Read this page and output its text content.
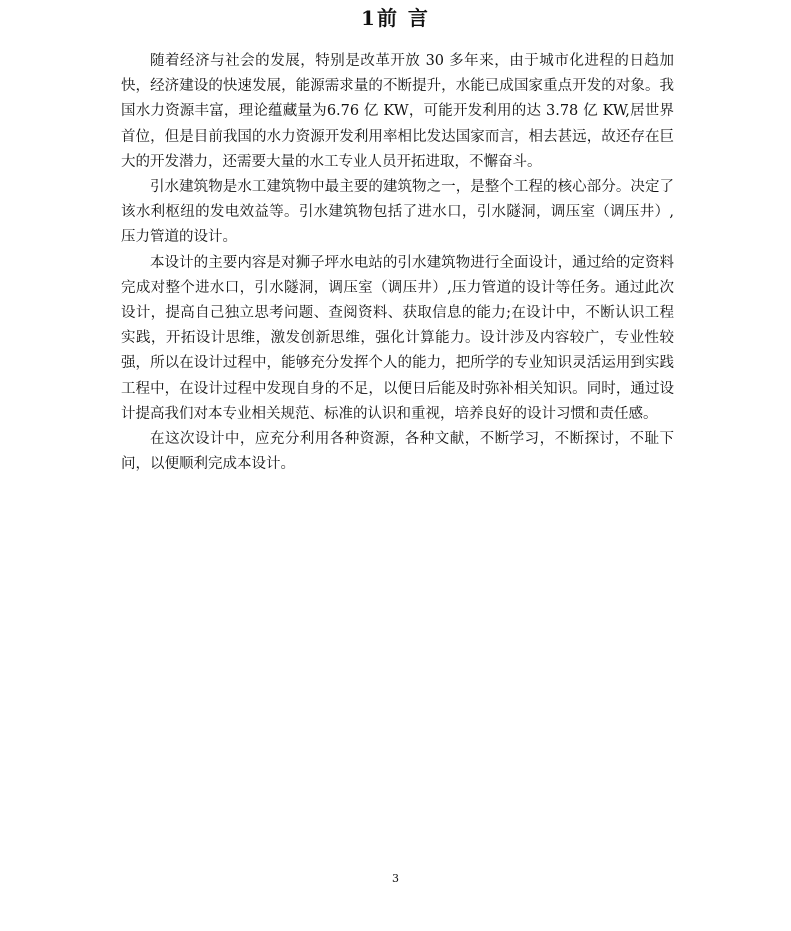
1前 言

随着经济与社会的发展，特别是改革开放 30 多年来，由于城市化进程的日趋加快，经济建设的快速发展，能源需求量的不断提升，水能已成国家重点开发的对象。我国水力资源丰富，理论蕴藏量为6.76 亿 KW，可能开发利用的达 3.78 亿 KW,居世界首位，但是目前我国的水力资源开发利用率相比发达国家而言，相去甚远，故还存在巨大的开发潜力，还需要大量的水工专业人员开拓进取，不懈奋斗。

引水建筑物是水工建筑物中最主要的建筑物之一，是整个工程的核心部分。决定了该水利枢纽的发电效益等。引水建筑物包括了进水口，引水隧洞，调压室（调压井）,压力管道的设计。

本设计的主要内容是对狮子坪水电站的引水建筑物进行全面设计，通过给的定资料完成对整个进水口，引水隧洞，调压室（调压井）,压力管道的设计等任务。通过此次设计，提高自己独立思考问题、查阅资料、获取信息的能力;在设计中，不断认识工程实践，开拓设计思维，激发创新思维，强化计算能力。设计涉及内容较广，专业性较强，所以在设计过程中，能够充分发挥个人的能力，把所学的专业知识灵活运用到实践工程中，在设计过程中发现自身的不足，以便日后能及时弥补相关知识。同时，通过设计提高我们对本专业相关规范、标准的认识和重视，培养良好的设计习惯和责任感。

在这次设计中，应充分利用各种资源，各种文献，不断学习，不断探讨，不耻下问，以便顺利完成本设计。

3
